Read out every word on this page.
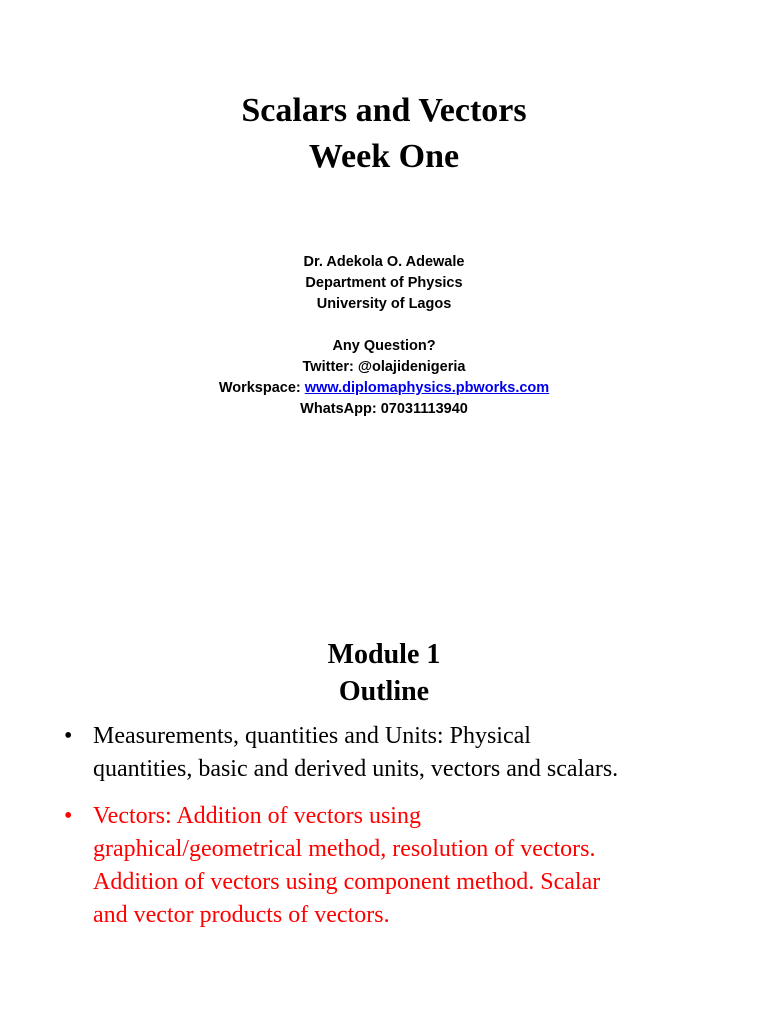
Scalars and Vectors
Week One
Dr. Adekola O. Adewale
Department of Physics
University of Lagos
Any Question?
Twitter: @olajidenigeria
Workspace: www.diplomaphysics.pbworks.com
WhatsApp: 07031113940
Module 1
Outline
• Measurements, quantities and Units: Physical
quantities, basic and derived units, vectors and scalars.
• Vectors: Addition of vectors using
graphical/geometrical method, resolution of vectors.
Addition of vectors using component method. Scalar
and vector products of vectors.
